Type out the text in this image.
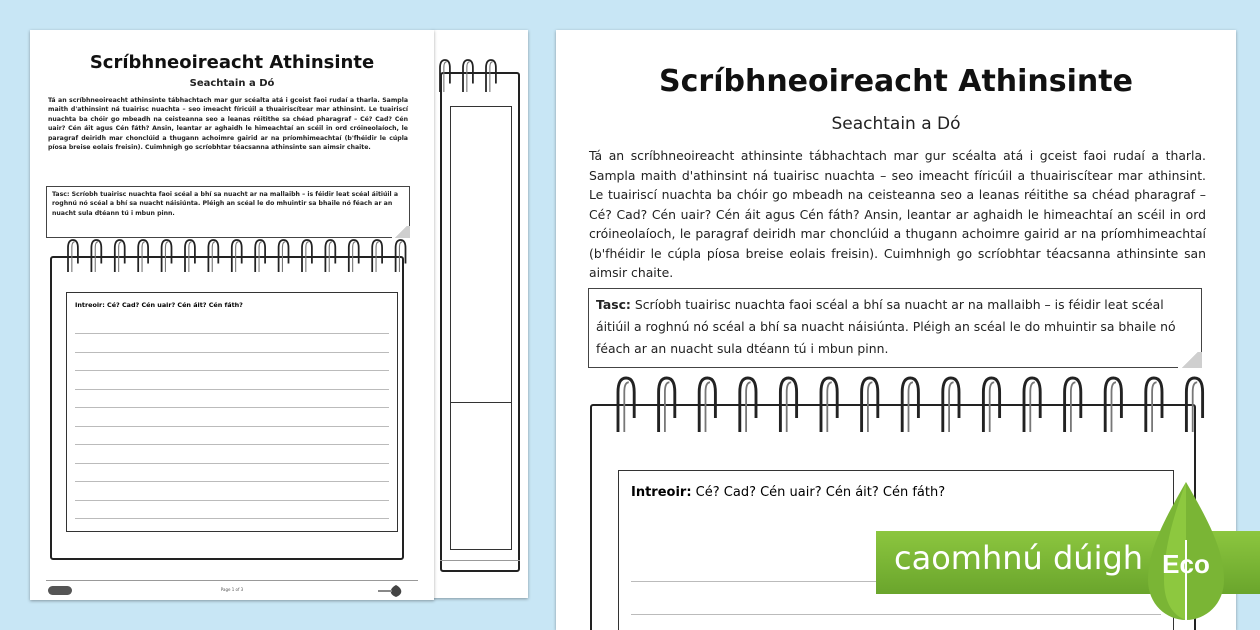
Scríbhneoireacht Athinsinte
Seachtain a Dó
Tá an scríbhneoireacht athinsinte tábhachtach mar gur scéalta atá i gceist faoi rudaí a tharla. Sampla maith d'athinsint ná tuairisc nuachta – seo imeacht fíricúil a thuairiscítear mar athinsint. Le tuairiscí nuachta ba chóir go mbeadh na ceisteanna seo a leanas réitithe sa chéad pharagraf – Cé? Cad? Cén uair? Cén áit agus Cén fáth? Ansin, leantar ar aghaidh le himeachtaí an scéil in ord cróineolaíoch, le paragraf deiridh mar chonclúid a thugann achoimre gairid ar na príomhimeachtaí (b'fhéidir le cúpla píosa breise eolais freisin). Cuimhnigh go scríobhtar téacsanna athinsinte san aimsir chaite.
Tasc: Scríobh tuairisc nuachta faoi scéal a bhí sa nuacht ar na mallaibh – is féidir leat scéal áitiúil a roghnú nó scéal a bhí sa nuacht náisiúnta. Pléigh an scéal le do mhuintir sa bhaile nó féach ar an nuacht sula dtéann tú i mbun pinn.
Intreoir: Cé? Cad? Cén uair? Cén áit? Cén fáth?
Page 1 of 3
Scríbhneoireacht Athinsinte
Seachtain a Dó
Tá an scríbhneoireacht athinsinte tábhachtach mar gur scéalta atá i gceist faoi rudaí a tharla. Sampla maith d'athinsint ná tuairisc nuachta – seo imeacht fíricúil a thuairiscítear mar athinsint. Le tuairiscí nuachta ba chóir go mbeadh na ceisteanna seo a leanas réitithe sa chéad pharagraf – Cé? Cad? Cén uair? Cén áit agus Cén fáth? Ansin, leantar ar aghaidh le himeachtaí an scéil in ord cróineolaíoch, le paragraf deiridh mar chonclúid a thugann achoimre gairid ar na príomhimeachtaí (b'fhéidir le cúpla píosa breise eolais freisin). Cuimhnigh go scríobhtar téacsanna athinsinte san aimsir chaite.
Tasc: Scríobh tuairisc nuachta faoi scéal a bhí sa nuacht ar na mallaibh – is féidir leat scéal áitiúil a roghnú nó scéal a bhí sa nuacht náisiúnta. Pléigh an scéal le do mhuintir sa bhaile nó féach ar an nuacht sula dtéann tú i mbun pinn.
Intreoir: Cé? Cad? Cén uair? Cén áit? Cén fáth?
caomhnú dúigh Eco
